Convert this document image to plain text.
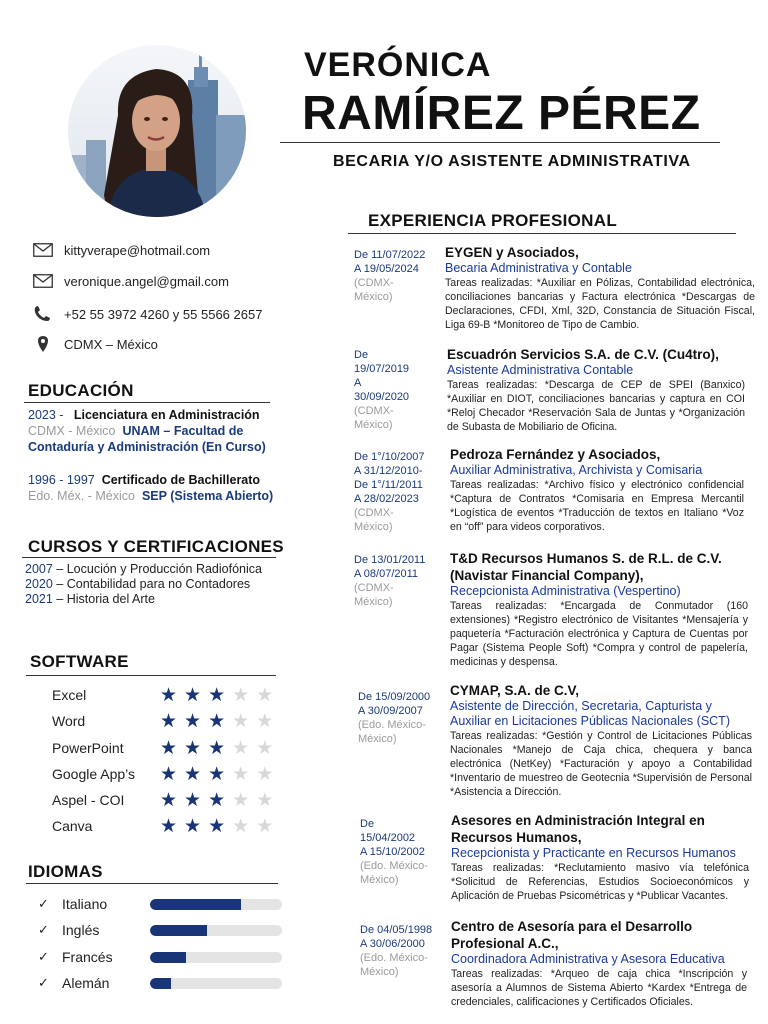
VERÓNICA
RAMÍREZ PÉREZ
BECARIA Y/O ASISTENTE ADMINISTRATIVA
kittyverape@hotmail.com
veronique.angel@gmail.com
+52 55 3972 4260 y 55 5566 2657
CDMX – México
EDUCACIÓN
2023 - Licenciatura en Administración
CDMX - México UNAM – Facultad de
Contaduría y Administración (En Curso)
1996 - 1997 Certificado de Bachillerato
Edo. Méx. - México SEP (Sistema Abierto)
CURSOS Y CERTIFICACIONES
2007 – Locución y Producción Radiofónica
2020 – Contabilidad para no Contadores
2021 – Historia del Arte
SOFTWARE
Excel	★ ★ ★ ★ ★
Word	★ ★ ★ ★ ★
PowerPoint	★ ★ ★ ★ ★
Google App’s	★ ★ ★ ★ ★
Aspel - COI	★ ★ ★ ★ ★
Canva	★ ★ ★ ★ ★
IDIOMAS
✓ Italiano
✓ Inglés
✓ Francés
✓ Alemán
EXPERIENCIA PROFESIONAL
De 11/07/2022
A 19/05/2024
(CDMX-
México)
EYGEN y Asociados,
Becaria Administrativa y Contable
Tareas realizadas: *Auxiliar en Pólizas, Contabilidad electrónica, conciliaciones bancarias y Factura electrónica *Descargas de Declaraciones, CFDI, Xml, 32D, Constancia de Situación Fiscal, Liga 69-B *Monitoreo de Tipo de Cambio.
De
19/07/2019
A
30/09/2020
(CDMX-
México)
Escuadrón Servicios S.A. de C.V. (Cu4tro),
Asistente Administrativa Contable
Tareas realizadas: *Descarga de CEP de SPEI (Banxico) *Auxiliar en DIOT, conciliaciones bancarias y captura en COI *Reloj Checador *Reservación Sala de Juntas y *Organización de Subasta de Mobiliario de Oficina.
De 1°/10/2007
A 31/12/2010-
De 1°/11/2011
A 28/02/2023
(CDMX-
México)
Pedroza Fernández y Asociados,
Auxiliar Administrativa, Archivista y Comisaria
Tareas realizadas: *Archivo físico y electrónico confidencial *Captura de Contratos *Comisaria en Empresa Mercantil *Logística de eventos *Traducción de textos en Italiano *Voz en “off” para videos corporativos.
De 13/01/2011
A 08/07/2011
(CDMX-
México)
T&D Recursos Humanos S. de R.L. de C.V.
(Navistar Financial Company),
Recepcionista Administrativa (Vespertino)
Tareas realizadas: *Encargada de Conmutador (160 extensiones) *Registro electrónico de Visitantes *Mensajería y paquetería *Facturación electrónica y Captura de Cuentas por Pagar (Sistema People Soft) *Compra y control de papelería, medicinas y despensa.
De 15/09/2000
A 30/09/2007
(Edo. México-
México)
CYMAP, S.A. de C.V,
Asistente de Dirección, Secretaria, Capturista y
Auxiliar en Licitaciones Públicas Nacionales (SCT)
Tareas realizadas: *Gestión y Control de Licitaciones Públicas Nacionales *Manejo de Caja chica, chequera y banca electrónica (NetKey) *Facturación y apoyo a Contabilidad *Inventario de muestreo de Geotecnia *Supervisión de Personal *Asistencia a Dirección.
De
15/04/2002
A 15/10/2002
(Edo. México-
México)
Asesores en Administración Integral en
Recursos Humanos,
Recepcionista y Practicante en Recursos Humanos
Tareas realizadas: *Reclutamiento masivo vía telefónica *Solicitud de Referencias, Estudios Socioeconómicos y Aplicación de Pruebas Psicométricas y *Publicar Vacantes.
De 04/05/1998
A 30/06/2000
(Edo. México-
México)
Centro de Asesoría para el Desarrollo
Profesional A.C.,
Coordinadora Administrativa y Asesora Educativa
Tareas realizadas: *Arqueo de caja chica *Inscripción y asesoría a Alumnos de Sistema Abierto *Kardex *Entrega de credenciales, calificaciones y Certificados Oficiales.
